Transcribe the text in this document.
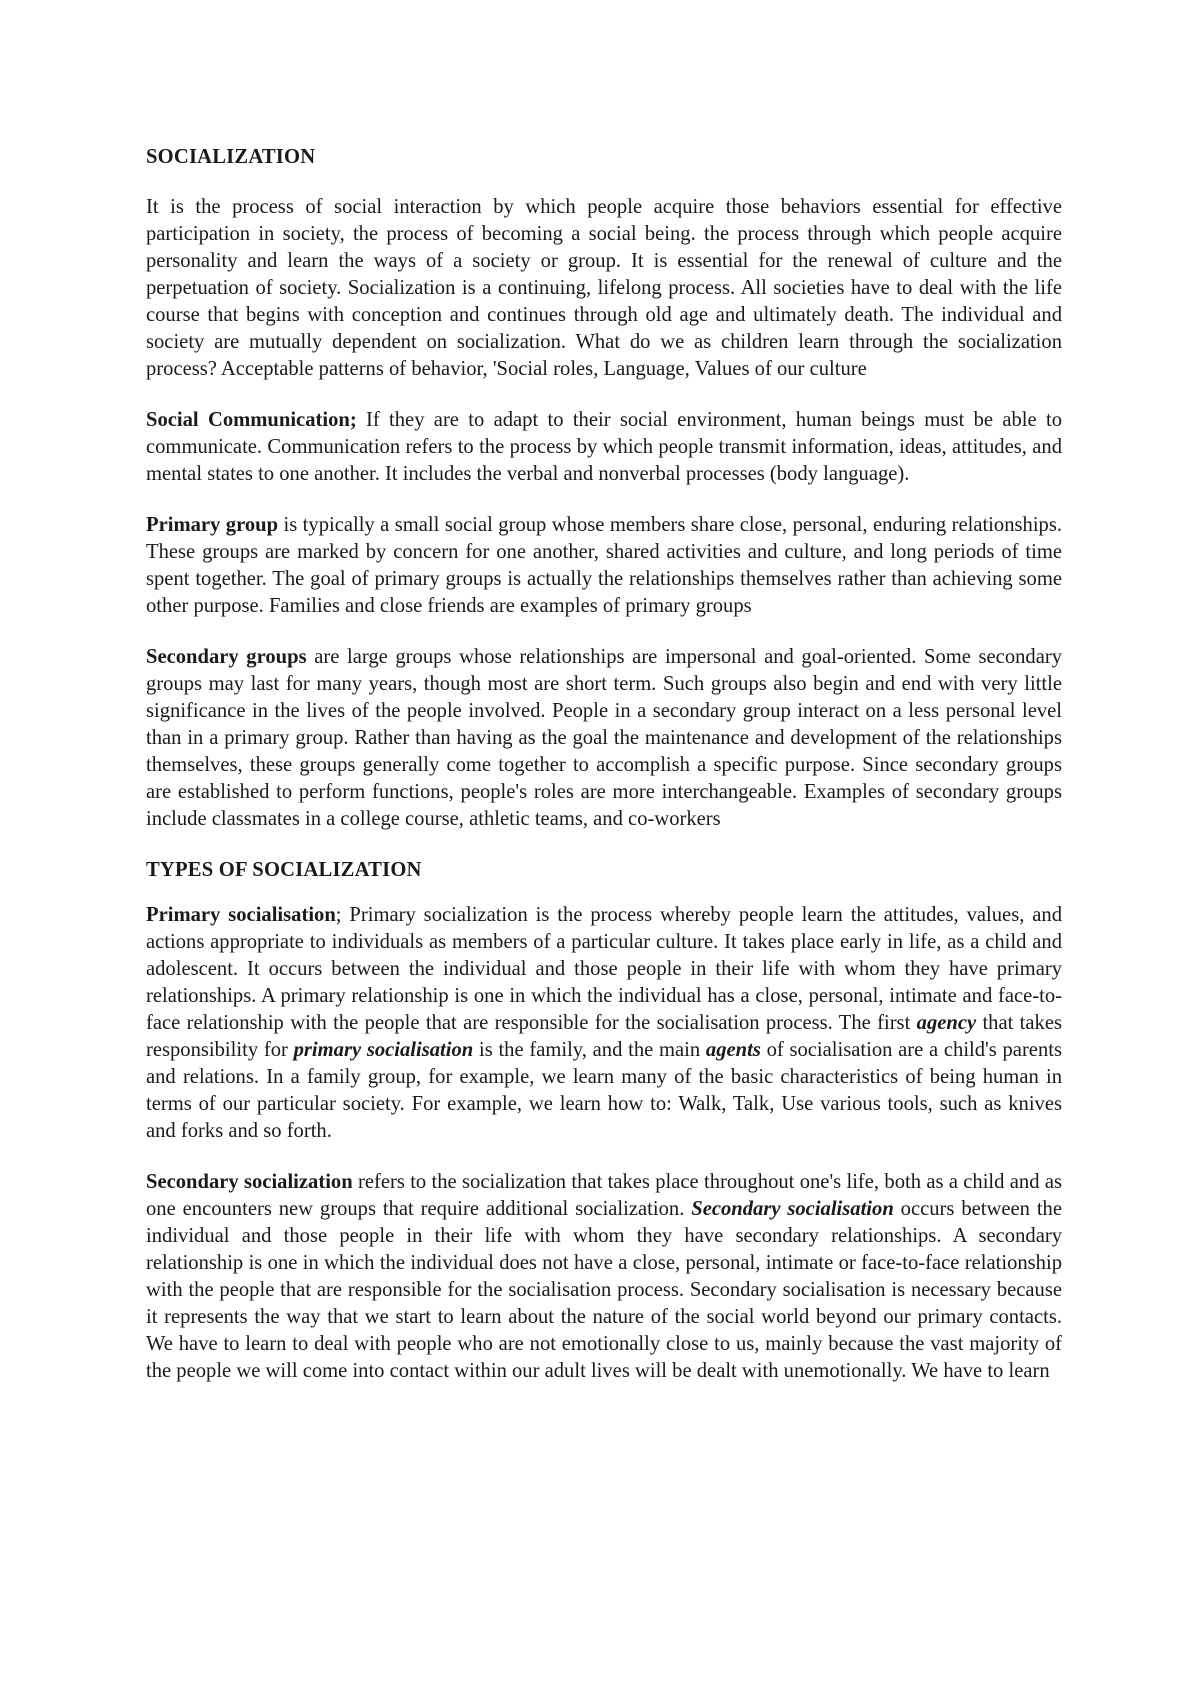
SOCIALIZATION

It is the process of social interaction by which people acquire those behaviors essential for effective participation in society, the process of becoming a social being. the process through which people acquire personality and learn the ways of a society or group. It is essential for the renewal of culture and the perpetuation of society. Socialization is a continuing, lifelong process. All societies have to deal with the life course that begins with conception and continues through old age and ultimately death. The individual and society are mutually dependent on socialization. What do we as children learn through the socialization process? Acceptable patterns of behavior, 'Social roles, Language, Values of our culture

Social Communication; If they are to adapt to their social environment, human beings must be able to communicate. Communication refers to the process by which people transmit information, ideas, attitudes, and mental states to one another. It includes the verbal and nonverbal processes (body language).

Primary group is typically a small social group whose members share close, personal, enduring relationships. These groups are marked by concern for one another, shared activities and culture, and long periods of time spent together. The goal of primary groups is actually the relationships themselves rather than achieving some other purpose. Families and close friends are examples of primary groups

Secondary groups are large groups whose relationships are impersonal and goal-oriented. Some secondary groups may last for many years, though most are short term. Such groups also begin and end with very little significance in the lives of the people involved. People in a secondary group interact on a less personal level than in a primary group. Rather than having as the goal the maintenance and development of the relationships themselves, these groups generally come together to accomplish a specific purpose. Since secondary groups are established to perform functions, people's roles are more interchangeable. Examples of secondary groups include classmates in a college course, athletic teams, and co-workers

TYPES OF SOCIALIZATION

Primary socialisation; Primary socialization is the process whereby people learn the attitudes, values, and actions appropriate to individuals as members of a particular culture. It takes place early in life, as a child and adolescent. It occurs between the individual and those people in their life with whom they have primary relationships. A primary relationship is one in which the individual has a close, personal, intimate and face-to-face relationship with the people that are responsible for the socialisation process. The first agency that takes responsibility for primary socialisation is the family, and the main agents of socialisation are a child's parents and relations. In a family group, for example, we learn many of the basic characteristics of being human in terms of our particular society. For example, we learn how to: Walk, Talk, Use various tools, such as knives and forks and so forth.

Secondary socialization refers to the socialization that takes place throughout one's life, both as a child and as one encounters new groups that require additional socialization. Secondary socialisation occurs between the individual and those people in their life with whom they have secondary relationships. A secondary relationship is one in which the individual does not have a close, personal, intimate or face-to-face relationship with the people that are responsible for the socialisation process. Secondary socialisation is necessary because it represents the way that we start to learn about the nature of the social world beyond our primary contacts. We have to learn to deal with people who are not emotionally close to us, mainly because the vast majority of the people we will come into contact within our adult lives will be dealt with unemotionally. We have to learn
